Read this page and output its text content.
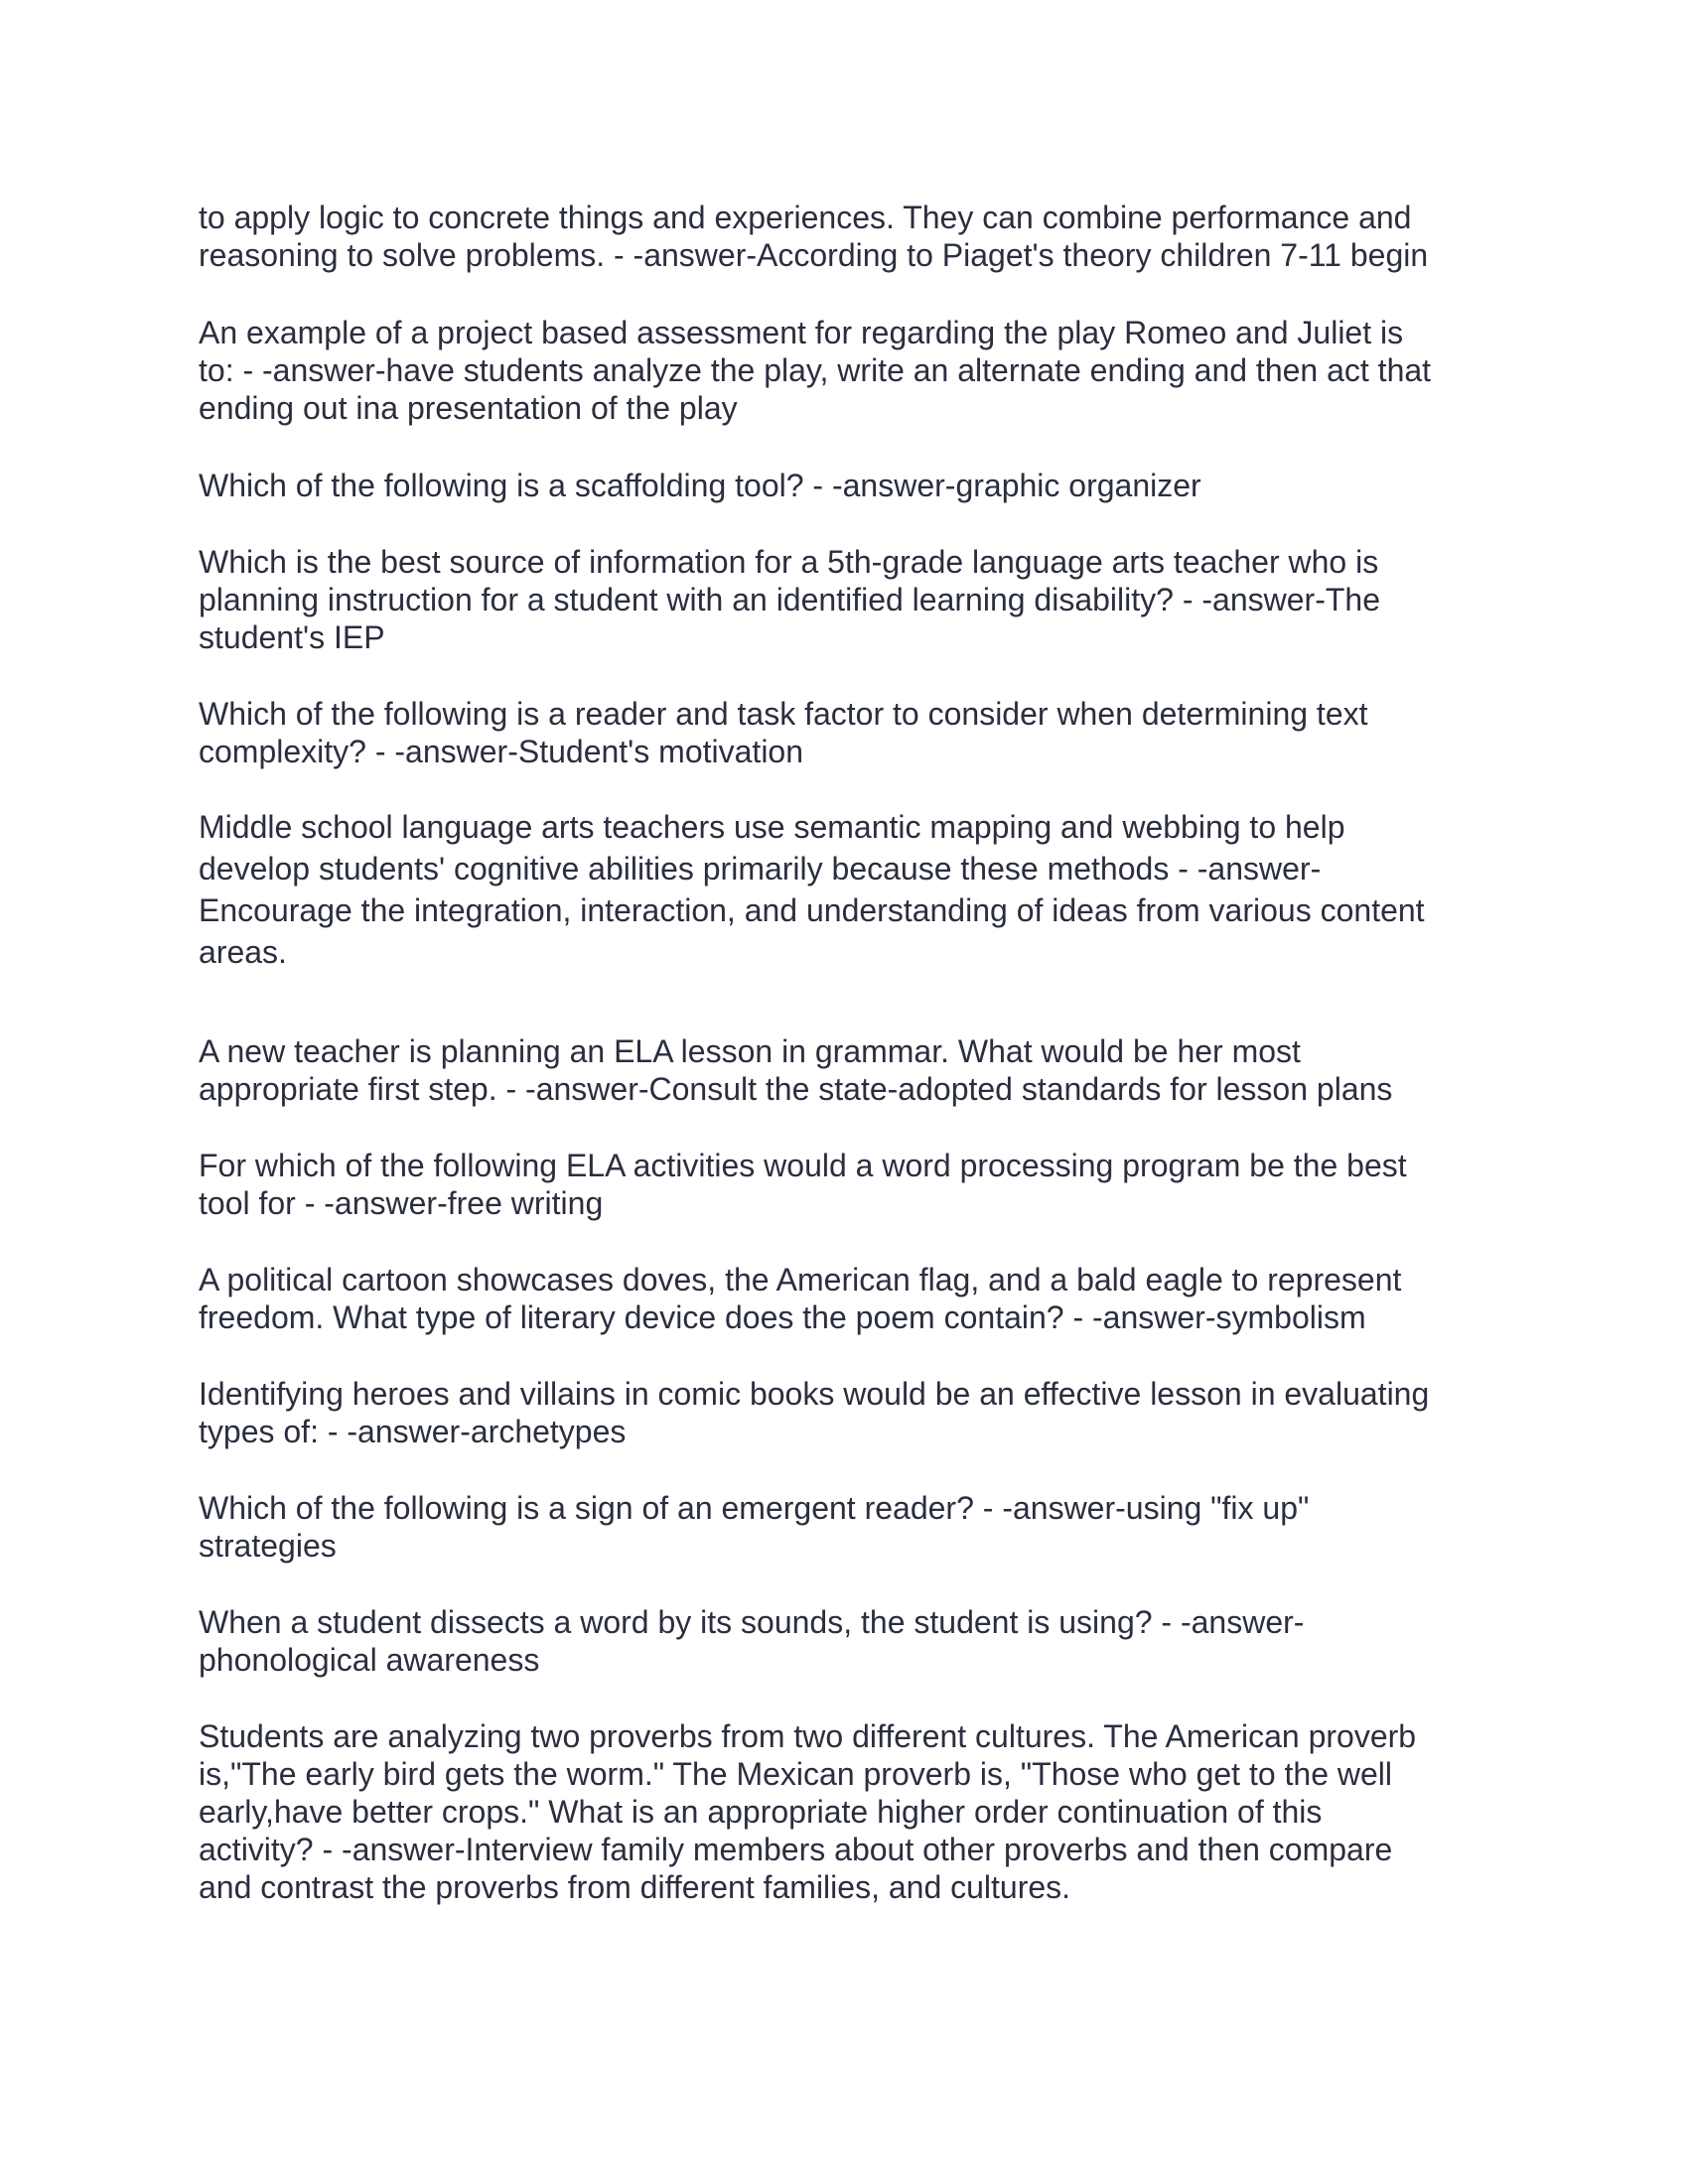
to apply logic to concrete things and experiences. They can combine performance and
reasoning to solve problems. - -answer-According to Piaget's theory children 7-11 begin
An example of a project based assessment for regarding the play Romeo and Juliet is
to: - -answer-have students analyze the play, write an alternate ending and then act that
ending out ina presentation of the play
Which of the following is a scaffolding tool? - -answer-graphic organizer
Which is the best source of information for a 5th-grade language arts teacher who is
planning instruction for a student with an identified learning disability? - -answer-The
student's IEP
Which of the following is a reader and task factor to consider when determining text
complexity? - -answer-Student's motivation
Middle school language arts teachers use semantic mapping and webbing to help
develop students' cognitive abilities primarily because these methods - -answer-
Encourage the integration, interaction, and understanding of ideas from various content
areas.
A new teacher is planning an ELA lesson in grammar. What would be her most
appropriate first step. - -answer-Consult the state-adopted standards for lesson plans
For which of the following ELA activities would a word processing program be the best
tool for - -answer-free writing
A political cartoon showcases doves, the American flag, and a bald eagle to represent
freedom. What type of literary device does the poem contain? - -answer-symbolism
Identifying heroes and villains in comic books would be an effective lesson in evaluating
types of: - -answer-archetypes
Which of the following is a sign of an emergent reader? - -answer-using "fix up"
strategies
When a student dissects a word by its sounds, the student is using? - -answer-
phonological awareness
Students are analyzing two proverbs from two different cultures. The American proverb
is,"The early bird gets the worm." The Mexican proverb is, "Those who get to the well
early,have better crops." What is an appropriate higher order continuation of this
activity? - -answer-Interview family members about other proverbs and then compare
and contrast the proverbs from different families, and cultures.
